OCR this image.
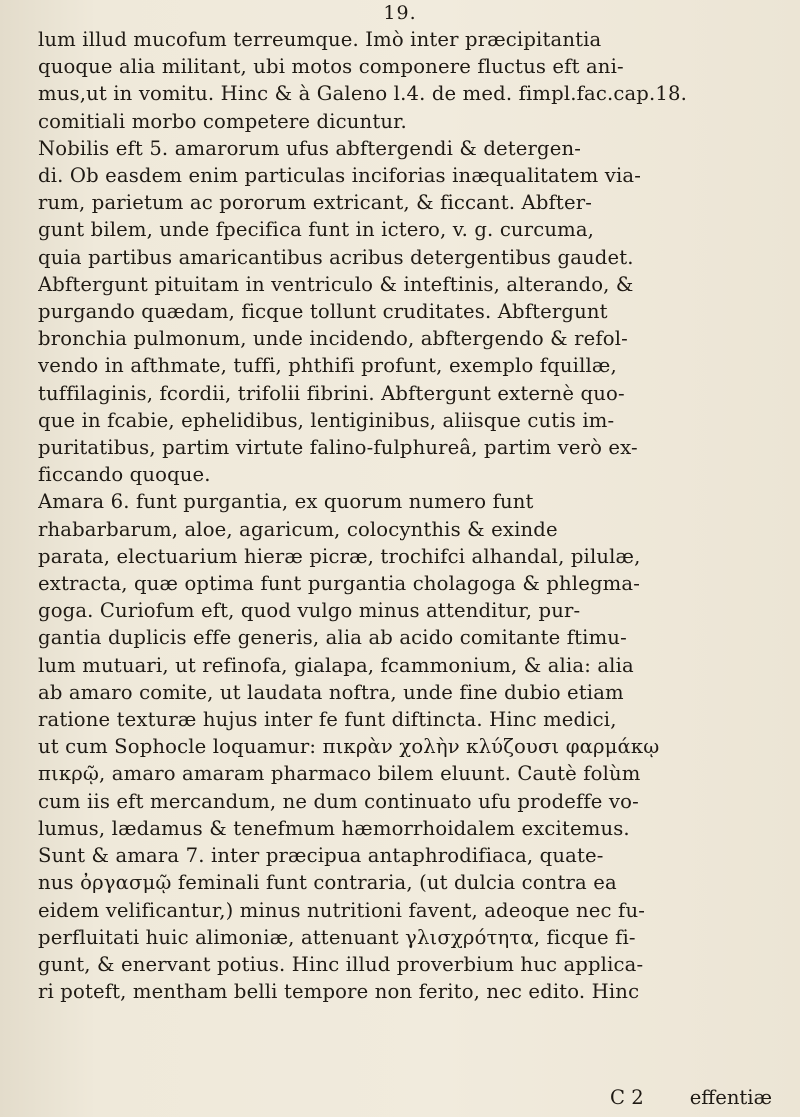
19.
lum illud mucofum terreumque. Imò inter præcipitantia
quoque alia militant, ubi motos componere fluctus eft ani-
mus,ut in vomitu. Hinc & à Galeno l.4. de med. fimpl.fac.cap.18.
comitiali morbo competere dicuntur.
Nobilis eft 5. amarorum ufus abftergendi & detergen-
di. Ob easdem enim particulas inciforias inæqualitatem via-
rum, parietum ac pororum extricant, & ficcant. Abfter-
gunt bilem, unde fpecifica funt in ictero, v. g. curcuma,
quia partibus amaricantibus acribus detergentibus gaudet.
Abftergunt pituitam in ventriculo & inteftinis, alterando, &
purgando quædam, ficque tollunt cruditates. Abftergunt
bronchia pulmonum, unde incidendo, abftergendo & refol-
vendo in afthmate, tuffi, phthifi profunt, exemplo fquillæ,
tuffilaginis, fcordii, trifolii fibrini. Abftergunt externè quo-
que in fcabie, ephelidibus, lentiginibus, aliisque cutis im-
puritatibus, partim virtute falino-fulphureâ, partim verò ex-
ficcando quoque.
Amara 6. funt purgantia, ex quorum numero funt
rhabarbarum, aloe, agaricum, colocynthis & exinde
parata, electuarium hieræ picræ, trochifci alhandal, pilulæ,
extracta, quæ optima funt purgantia cholagoga & phlegma-
goga. Curiofum eft, quod vulgo minus attenditur, pur-
gantia duplicis effe generis, alia ab acido comitante ftimu-
lum mutuari, ut refinofa, gialapa, fcammonium, & alia: alia
ab amaro comite, ut laudata noftra, unde fine dubio etiam
ratione texturæ hujus inter fe funt diftincta. Hinc medici,
ut cum Sophocle loquamur: πικρὰν χολὴν κλύζουσι φαρμάκῳ
πικρῷ, amaro amaram pharmaco bilem eluunt. Cautè folùm
cum iis eft mercandum, ne dum continuato ufu prodeffe vo-
lumus, lædamus & tenefmum hæmorrhoidalem excitemus.
Sunt & amara 7. inter præcipua antaphrodifiaca, quate-
nus ὀργασμῷ feminali funt contraria, (ut dulcia contra ea
eidem velificantur,) minus nutritioni favent, adeoque nec fu-
perfluitati huic alimoniæ, attenuant γλισχρότητα, ficque fi-
gunt, & enervant potius. Hinc illud proverbium huc applica-
ri poteft, mentham belli tempore non ferito, nec edito. Hinc
C 2 effentiæ
